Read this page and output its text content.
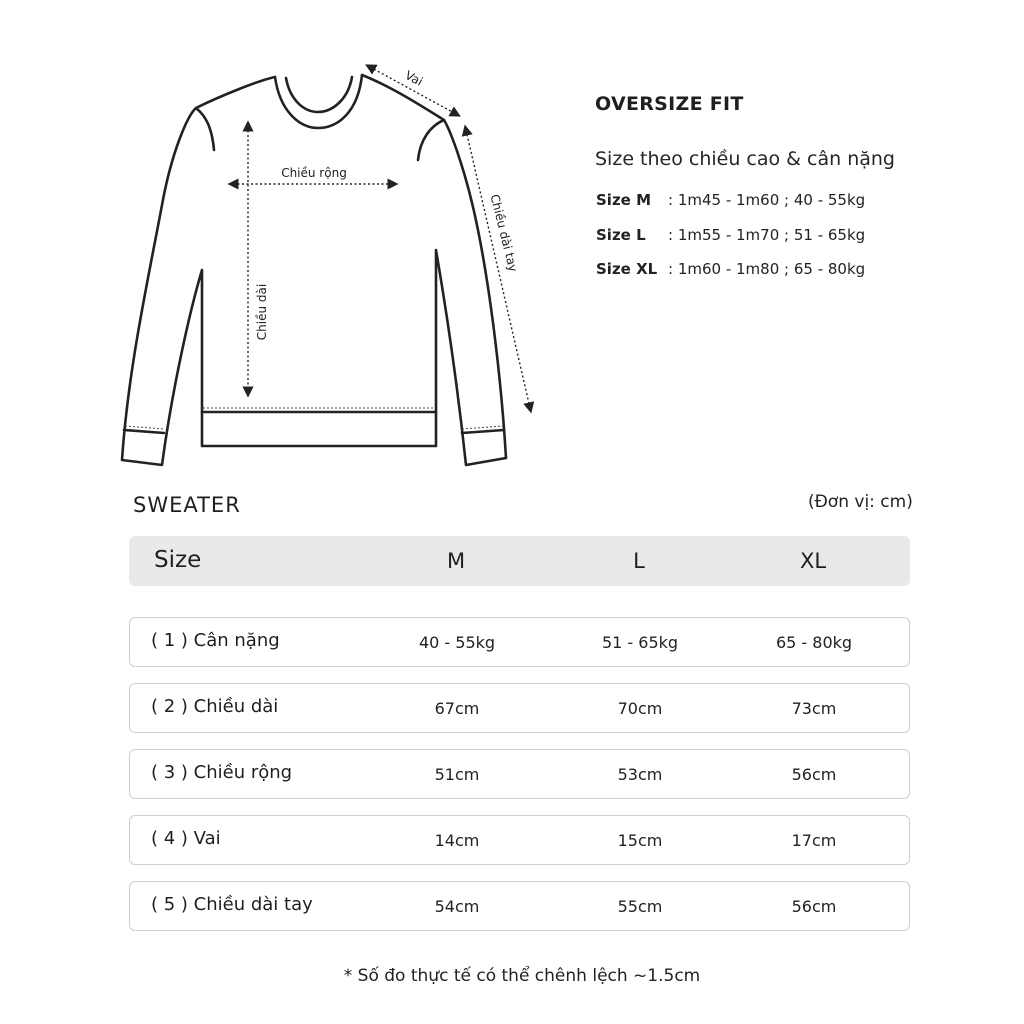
Vai
Chiều rộng
Chiều dài
Chiều dài tay
OVERSIZE FIT
Size theo chiều cao & cân nặng
Size M : 1m45 - 1m60 ; 40 - 55kg
Size L : 1m55 - 1m70 ; 51 - 65kg
Size XL : 1m60 - 1m80 ; 65 - 80kg
SWEATER	(Đơn vị: cm)
Size	M	L	XL
( 1 ) Cân nặng	40 - 55kg	51 - 65kg	65 - 80kg
( 2 ) Chiều dài	67cm	70cm	73cm
( 3 ) Chiều rộng	51cm	53cm	56cm
( 4 ) Vai	14cm	15cm	17cm
( 5 ) Chiều dài tay	54cm	55cm	56cm
* Số đo thực tế có thể chênh lệch ~1.5cm
